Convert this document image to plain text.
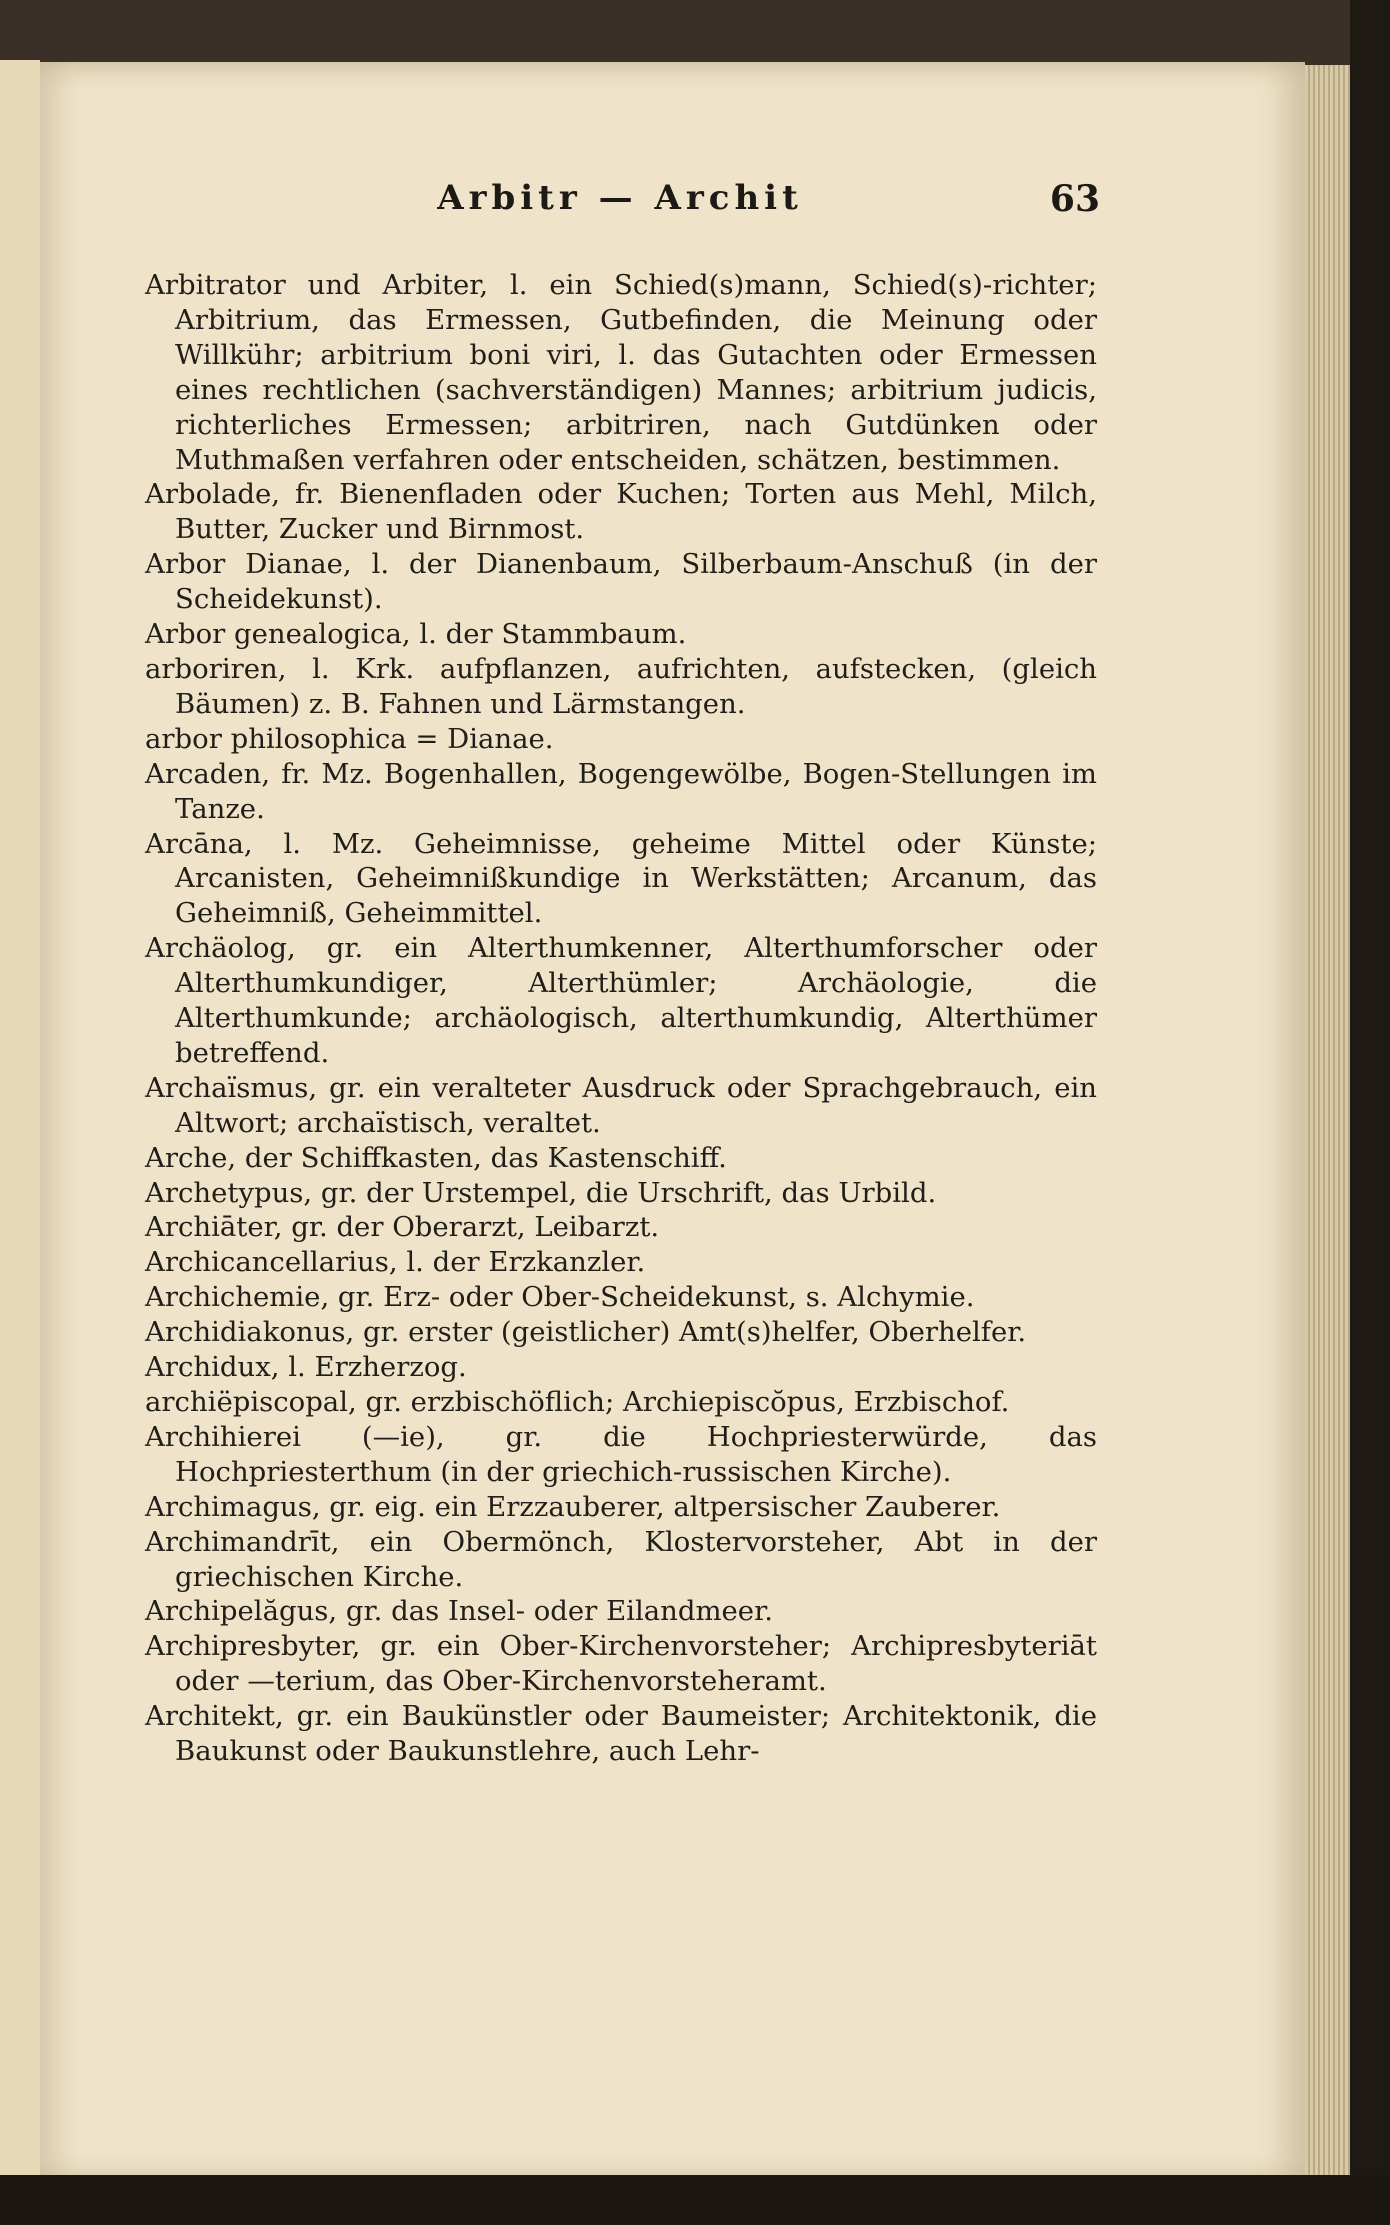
Arbitr — Archit	63

Arbitrator und Arbiter, l. ein Schied(s)mann, Schied(s)-richter; Arbitrium, das Ermessen, Gutbefinden, die Meinung oder Willkühr; arbitrium boni viri, l. das Gutachten oder Ermessen eines rechtlichen (sachverständigen) Mannes; arbitrium judicis, richterliches Ermessen; arbitriren, nach Gutdünken oder Muthmaßen verfahren oder entscheiden, schätzen, bestimmen.

Arbolade, fr. Bienenfladen oder Kuchen; Torten aus Mehl, Milch, Butter, Zucker und Birnmost.

Arbor Dianae, l. der Dianenbaum, Silberbaum-Anschuß (in der Scheidekunst).

Arbor genealogica, l. der Stammbaum.

arboriren, l. Krk. aufpflanzen, aufrichten, aufstecken, (gleich Bäumen) z. B. Fahnen und Lärmstangen.

arbor philosophica = Dianae.

Arcaden, fr. Mz. Bogenhallen, Bogengewölbe, Bogen-Stellungen im Tanze.

Arcāna, l. Mz. Geheimnisse, geheime Mittel oder Künste; Arcanisten, Geheimnißkundige in Werkstätten; Arcanum, das Geheimniß, Geheimmittel.

Archäolog, gr. ein Alterthumkenner, Alterthumforscher oder Alterthumkundiger, Alterthümler; Archäologie, die Alterthumkunde; archäologisch, alterthumkundig, Alterthümer betreffend.

Archaïsmus, gr. ein veralteter Ausdruck oder Sprachgebrauch, ein Altwort; archaïstisch, veraltet.

Arche, der Schiffkasten, das Kastenschiff.

Archetypus, gr. der Urstempel, die Urschrift, das Urbild.

Archiāter, gr. der Oberarzt, Leibarzt.

Archicancellarius, l. der Erzkanzler.

Archichemie, gr. Erz- oder Ober-Scheidekunst, s. Alchymie.

Archidiakonus, gr. erster (geistlicher) Amt(s)helfer, Oberhelfer.

Archidux, l. Erzherzog.

archiëpiscopal, gr. erzbischöflich; Archiepiscŏpus, Erzbischof.

Archihierei (—ie), gr. die Hochpriesterwürde, das Hochpriesterthum (in der griechich-russischen Kirche).

Archimagus, gr. eig. ein Erzzauberer, altpersischer Zauberer.

Archimandrīt, ein Obermönch, Klostervorsteher, Abt in der griechischen Kirche.

Archipelăgus, gr. das Insel- oder Eilandmeer.

Archipresbyter, gr. ein Ober-Kirchenvorsteher; Archipresbyteriāt oder —terium, das Ober-Kirchenvorsteheramt.

Architekt, gr. ein Baukünstler oder Baumeister; Architektonik, die Baukunst oder Baukunstlehre, auch Lehr-
